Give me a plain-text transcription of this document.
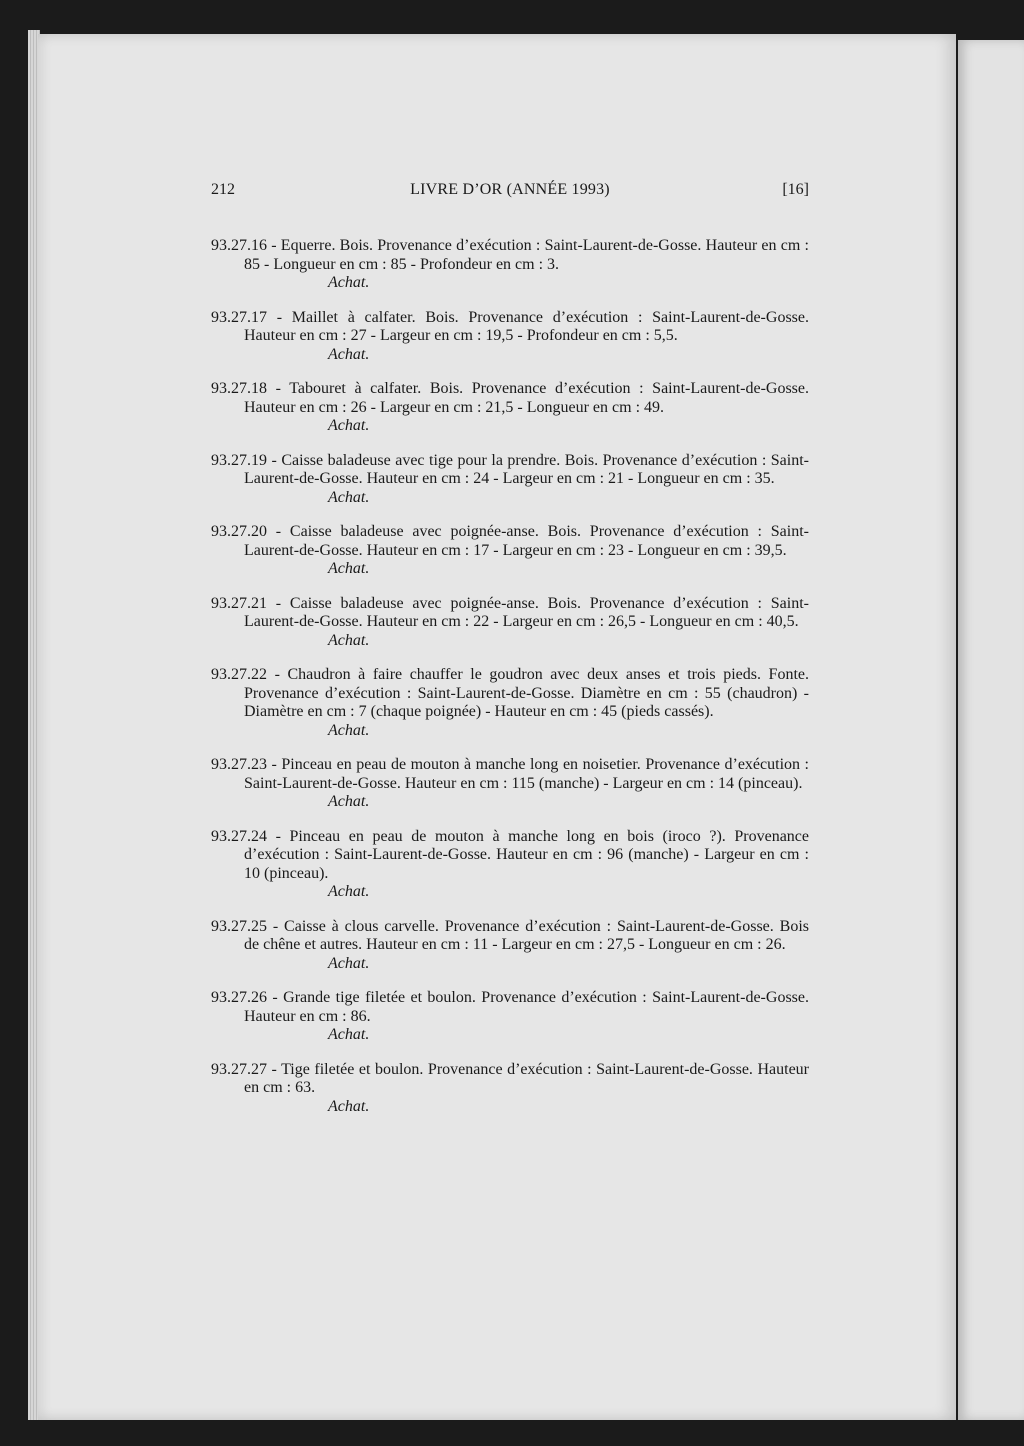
LIVRE D’OR (ANNÉE 1993)
212	[16]

93.27.16 - Equerre. Bois. Provenance d’exécution : Saint-Laurent-de-Gosse. Hauteur en cm : 85 - Longueur en cm : 85 - Profondeur en cm : 3.

Achat.

93.27.17 - Maillet à calfater. Bois. Provenance d’exécution : Saint-Laurent-de-Gosse. Hauteur en cm : 27 - Largeur en cm : 19,5 - Profondeur en cm : 5,5.

Achat.

93.27.18 - Tabouret à calfater. Bois. Provenance d’exécution : Saint-Laurent-de-Gosse. Hauteur en cm : 26 - Largeur en cm : 21,5 - Longueur en cm : 49.

Achat.

93.27.19 - Caisse baladeuse avec tige pour la prendre. Bois. Provenance d’exécution : Saint-Laurent-de-Gosse. Hauteur en cm : 24 - Largeur en cm : 21 - Longueur en cm : 35.

Achat.

93.27.20 - Caisse baladeuse avec poignée-anse. Bois. Provenance d’exécution : Saint-Laurent-de-Gosse. Hauteur en cm : 17 - Largeur en cm : 23 - Longueur en cm : 39,5.

Achat.

93.27.21 - Caisse baladeuse avec poignée-anse. Bois. Provenance d’exécution : Saint-Laurent-de-Gosse. Hauteur en cm : 22 - Largeur en cm : 26,5 - Longueur en cm : 40,5.

Achat.

93.27.22 - Chaudron à faire chauffer le goudron avec deux anses et trois pieds. Fonte. Provenance d’exécution : Saint-Laurent-de-Gosse. Diamètre en cm : 55 (chaudron) - Diamètre en cm : 7 (chaque poignée) - Hauteur en cm : 45 (pieds cassés).

Achat.

93.27.23 - Pinceau en peau de mouton à manche long en noisetier. Provenance d’exécution : Saint-Laurent-de-Gosse. Hauteur en cm : 115 (manche) - Largeur en cm : 14 (pinceau).

Achat.

93.27.24 - Pinceau en peau de mouton à manche long en bois (iroco ?). Provenance d’exécution : Saint-Laurent-de-Gosse. Hauteur en cm : 96 (manche) - Largeur en cm : 10 (pinceau).

Achat.

93.27.25 - Caisse à clous carvelle. Provenance d’exécution : Saint-Laurent-de-Gosse. Bois de chêne et autres. Hauteur en cm : 11 - Largeur en cm : 27,5 - Longueur en cm : 26.

Achat.

93.27.26 - Grande tige filetée et boulon. Provenance d’exécution : Saint-Laurent-de-Gosse. Hauteur en cm : 86.

Achat.

93.27.27 - Tige filetée et boulon. Provenance d’exécution : Saint-Laurent-de-Gosse. Hauteur en cm : 63.

Achat.
